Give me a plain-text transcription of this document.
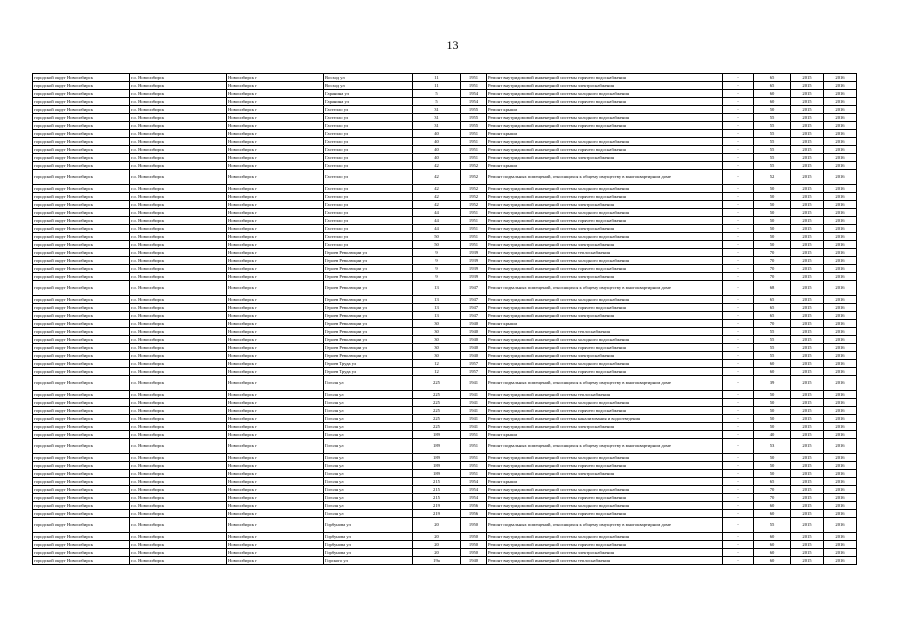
13
городской округ Новосибирск	г.о. Новосибирск	Новосибирск г	Восход ул	11	1951	Ремонт внутридомовой инженерной системы горячего водоснабжения	-	65	2015	2016
городской округ Новосибирск	г.о. Новосибирск	Новосибирск г	Восход ул	11	1951	Ремонт внутридомовой инженерной системы электроснабжения	-	65	2015	2016
городской округ Новосибирск	г.о. Новосибирск	Новосибирск г	Гаранина ул	5	1954	Ремонт внутридомовой инженерной системы холодного водоснабжения	-	60	2015	2016
городской округ Новосибирск	г.о. Новосибирск	Новосибирск г	Гаранина ул	5	1954	Ремонт внутридомовой инженерной системы горячего водоснабжения	-	60	2015	2016
городской округ Новосибирск	г.о. Новосибирск	Новосибирск г	Гастелло ул	31	1955	Ремонт крыши	-	50	2015	2016
городской округ Новосибирск	г.о. Новосибирск	Новосибирск г	Гастелло ул	31	1955	Ремонт внутридомовой инженерной системы холодного водоснабжения	-	55	2015	2016
городской округ Новосибирск	г.о. Новосибирск	Новосибирск г	Гастелло ул	31	1955	Ремонт внутридомовой инженерной системы горячего водоснабжения	-	55	2015	2016
городской округ Новосибирск	г.о. Новосибирск	Новосибирск г	Гастелло ул	40	1951	Ремонт крыши	-	55	2015	2016
городской округ Новосибирск	г.о. Новосибирск	Новосибирск г	Гастелло ул	40	1951	Ремонт внутридомовой инженерной системы холодного водоснабжения	-	55	2015	2016
городской округ Новосибирск	г.о. Новосибирск	Новосибирск г	Гастелло ул	40	1951	Ремонт внутридомовой инженерной системы горячего водоснабжения	-	55	2015	2016
городской округ Новосибирск	г.о. Новосибирск	Новосибирск г	Гастелло ул	40	1951	Ремонт внутридомовой инженерной системы электроснабжения	-	55	2015	2016
городской округ Новосибирск	г.о. Новосибирск	Новосибирск г	Гастелло ул	42	1952	Ремонт крыши	-	55	2015	2016
городской округ Новосибирск	г.о. Новосибирск	Новосибирск г	Гастелло ул	42	1952	Ремонт подвальных помещений, относящихся к общему имуществу в многоквартирном доме	-	52	2015	2016
городской округ Новосибирск	г.о. Новосибирск	Новосибирск г	Гастелло ул	42	1952	Ремонт внутридомовой инженерной системы холодного водоснабжения	-	50	2015	2016
городской округ Новосибирск	г.о. Новосибирск	Новосибирск г	Гастелло ул	42	1952	Ремонт внутридомовой инженерной системы горячего водоснабжения	-	50	2015	2016
городской округ Новосибирск	г.о. Новосибирск	Новосибирск г	Гастелло ул	42	1952	Ремонт внутридомовой инженерной системы электроснабжения	-	50	2015	2016
городской округ Новосибирск	г.о. Новосибирск	Новосибирск г	Гастелло ул	44	1951	Ремонт внутридомовой инженерной системы холодного водоснабжения	-	50	2015	2016
городской округ Новосибирск	г.о. Новосибирск	Новосибирск г	Гастелло ул	44	1951	Ремонт внутридомовой инженерной системы горячего водоснабжения	-	50	2015	2016
городской округ Новосибирск	г.о. Новосибирск	Новосибирск г	Гастелло ул	44	1951	Ремонт внутридомовой инженерной системы электроснабжения	-	50	2015	2016
городской округ Новосибирск	г.о. Новосибирск	Новосибирск г	Гастелло ул	50	1951	Ремонт внутридомовой инженерной системы холодного водоснабжения	-	50	2015	2016
городской округ Новосибирск	г.о. Новосибирск	Новосибирск г	Гастелло ул	50	1951	Ремонт внутридомовой инженерной системы электроснабжения	-	50	2015	2016
городской округ Новосибирск	г.о. Новосибирск	Новосибирск г	Героев Революции ул	9	1939	Ремонт внутридомовой инженерной системы теплоснабжения	-	70	2015	2016
городской округ Новосибирск	г.о. Новосибирск	Новосибирск г	Героев Революции ул	9	1939	Ремонт внутридомовой инженерной системы холодного водоснабжения	-	70	2015	2016
городской округ Новосибирск	г.о. Новосибирск	Новосибирск г	Героев Революции ул	9	1939	Ремонт внутридомовой инженерной системы горячего водоснабжения	-	70	2015	2016
городской округ Новосибирск	г.о. Новосибирск	Новосибирск г	Героев Революции ул	9	1939	Ремонт внутридомовой инженерной системы электроснабжения	-	70	2015	2016
городской округ Новосибирск	г.о. Новосибирск	Новосибирск г	Героев Революции ул	13	1947	Ремонт подвальных помещений, относящихся к общему имуществу в многоквартирном доме	-	68	2015	2016
городской округ Новосибирск	г.о. Новосибирск	Новосибирск г	Героев Революции ул	13	1947	Ремонт внутридомовой инженерной системы холодного водоснабжения	-	65	2015	2016
городской округ Новосибирск	г.о. Новосибирск	Новосибирск г	Героев Революции ул	13	1947	Ремонт внутридомовой инженерной системы горячего водоснабжения	-	65	2015	2016
городской округ Новосибирск	г.о. Новосибирск	Новосибирск г	Героев Революции ул	13	1947	Ремонт внутридомовой инженерной системы электроснабжения	-	65	2015	2016
городской округ Новосибирск	г.о. Новосибирск	Новосибирск г	Героев Революции ул	30	1940	Ремонт крыши	-	70	2015	2016
городской округ Новосибирск	г.о. Новосибирск	Новосибирск г	Героев Революции ул	30	1940	Ремонт внутридомовой инженерной системы теплоснабжения	-	55	2015	2016
городской округ Новосибирск	г.о. Новосибирск	Новосибирск г	Героев Революции ул	30	1940	Ремонт внутридомовой инженерной системы холодного водоснабжения	-	55	2015	2016
городской округ Новосибирск	г.о. Новосибирск	Новосибирск г	Героев Революции ул	30	1940	Ремонт внутридомовой инженерной системы горячего водоснабжения	-	55	2015	2016
городской округ Новосибирск	г.о. Новосибирск	Новосибирск г	Героев Революции ул	30	1940	Ремонт внутридомовой инженерной системы электроснабжения	-	55	2015	2016
городской округ Новосибирск	г.о. Новосибирск	Новосибирск г	Героев Труда ул	12	1957	Ремонт внутридомовой инженерной системы холодного водоснабжения	-	60	2015	2016
городской округ Новосибирск	г.о. Новосибирск	Новосибирск г	Героев Труда ул	12	1957	Ремонт внутридомовой инженерной системы горячего водоснабжения	-	60	2015	2016
городской округ Новосибирск	г.о. Новосибирск	Новосибирск г	Гоголя ул	225	1941	Ремонт подвальных помещений, относящихся к общему имуществу в многоквартирном доме	-	39	2015	2016
городской округ Новосибирск	г.о. Новосибирск	Новосибирск г	Гоголя ул	225	1941	Ремонт внутридомовой инженерной системы теплоснабжения	-	50	2015	2016
городской округ Новосибирск	г.о. Новосибирск	Новосибирск г	Гоголя ул	225	1941	Ремонт внутридомовой инженерной системы холодного водоснабжения	-	50	2015	2016
городской округ Новосибирск	г.о. Новосибирск	Новосибирск г	Гоголя ул	225	1941	Ремонт внутридомовой инженерной системы горячего водоснабжения	-	50	2015	2016
городской округ Новосибирск	г.о. Новосибирск	Новосибирск г	Гоголя ул	225	1941	Ремонт внутридомовой инженерной системы канализования и водоотведения	-	50	2015	2016
городской округ Новосибирск	г.о. Новосибирск	Новосибирск г	Гоголя ул	225	1941	Ремонт внутридомовой инженерной системы электроснабжения	-	50	2015	2016
городской округ Новосибирск	г.о. Новосибирск	Новосибирск г	Гоголя ул	189	1951	Ремонт крыши	-	40	2015	2016
городской округ Новосибирск	г.о. Новосибирск	Новосибирск г	Гоголя ул	189	1951	Ремонт подвальных помещений, относящихся к общему имуществу в многоквартирном доме	-	53	2015	2016
городской округ Новосибирск	г.о. Новосибирск	Новосибирск г	Гоголя ул	189	1951	Ремонт внутридомовой инженерной системы холодного водоснабжения	-	50	2015	2016
городской округ Новосибирск	г.о. Новосибирск	Новосибирск г	Гоголя ул	189	1951	Ремонт внутридомовой инженерной системы горячего водоснабжения	-	50	2015	2016
городской округ Новосибирск	г.о. Новосибирск	Новосибирск г	Гоголя ул	189	1951	Ремонт внутридомовой инженерной системы электроснабжения	-	50	2015	2016
городской округ Новосибирск	г.о. Новосибирск	Новосибирск г	Гоголя ул	215	1954	Ремонт крыши	-	65	2015	2016
городской округ Новосибирск	г.о. Новосибирск	Новосибирск г	Гоголя ул	215	1954	Ремонт внутридомовой инженерной системы холодного водоснабжения	-	70	2015	2016
городской округ Новосибирск	г.о. Новосибирск	Новосибирск г	Гоголя ул	215	1954	Ремонт внутридомовой инженерной системы горячего водоснабжения	-	70	2015	2016
городской округ Новосибирск	г.о. Новосибирск	Новосибирск г	Гоголя ул	219	1956	Ремонт внутридомовой инженерной системы холодного водоснабжения	-	60	2015	2016
городской округ Новосибирск	г.о. Новосибирск	Новосибирск г	Гоголя ул	219	1956	Ремонт внутридомовой инженерной системы горячего водоснабжения	-	60	2015	2016
городской округ Новосибирск	г.о. Новосибирск	Новосибирск г	Горбунова ул	20	1950	Ремонт подвальных помещений, относящихся к общему имуществу в многоквартирном доме	-	55	2015	2016
городской округ Новосибирск	г.о. Новосибирск	Новосибирск г	Горбунова ул	20	1950	Ремонт внутридомовой инженерной системы холодного водоснабжения	-	60	2015	2016
городской округ Новосибирск	г.о. Новосибирск	Новосибирск г	Горбунова ул	20	1950	Ремонт внутридомовой инженерной системы горячего водоснабжения	-	60	2015	2016
городской округ Новосибирск	г.о. Новосибирск	Новосибирск г	Горбунова ул	20	1950	Ремонт внутридомовой инженерной системы электроснабжения	-	60	2015	2016
городской округ Новосибирск	г.о. Новосибирск	Новосибирск г	Горского ул	19а	1940	Ремонт внутридомовой инженерной системы теплоснабжения	-	60	2015	2016
